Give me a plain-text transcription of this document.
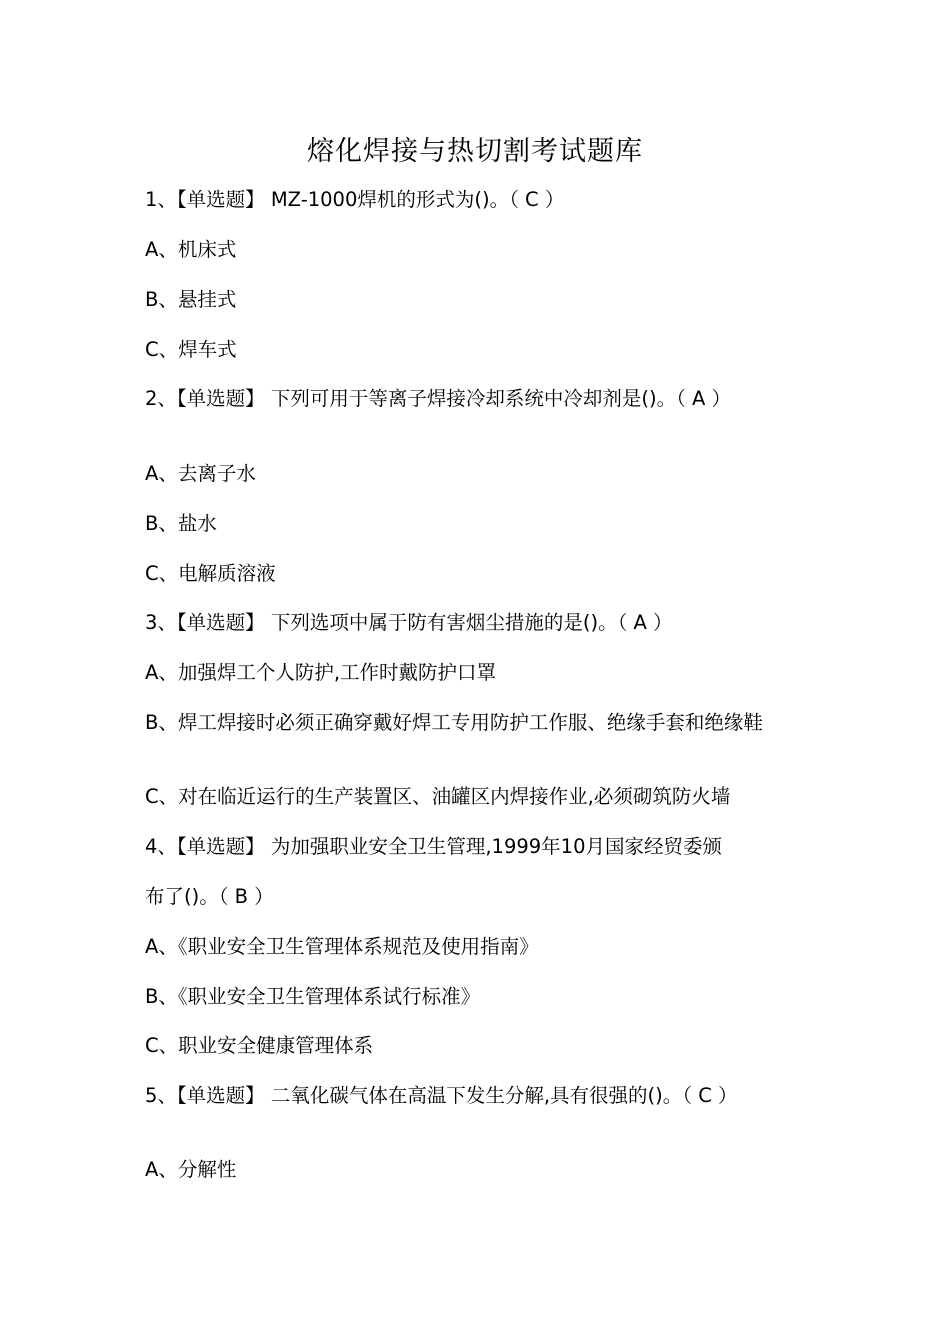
熔化焊接与热切割考试题库

1、【单选题】 MZ-1000焊机的形式为()。（ C ）

A、机床式

B、悬挂式

C、焊车式

2、【单选题】 下列可用于等离子焊接冷却系统中冷却剂是()。（ A ）

A、去离子水

B、盐水

C、电解质溶液

3、【单选题】 下列选项中属于防有害烟尘措施的是()。（ A ）

A、加强焊工个人防护,工作时戴防护口罩

B、焊工焊接时必须正确穿戴好焊工专用防护工作服、绝缘手套和绝缘鞋

C、对在临近运行的生产装置区、油罐区内焊接作业,必须砌筑防火墙

4、【单选题】 为加强职业安全卫生管理,1999年10月国家经贸委颁

布了()。（ B ）

A、《职业安全卫生管理体系规范及使用指南》

B、《职业安全卫生管理体系试行标准》

C、职业安全健康管理体系

5、【单选题】 二氧化碳气体在高温下发生分解,具有很强的()。（ C ）

A、分解性
